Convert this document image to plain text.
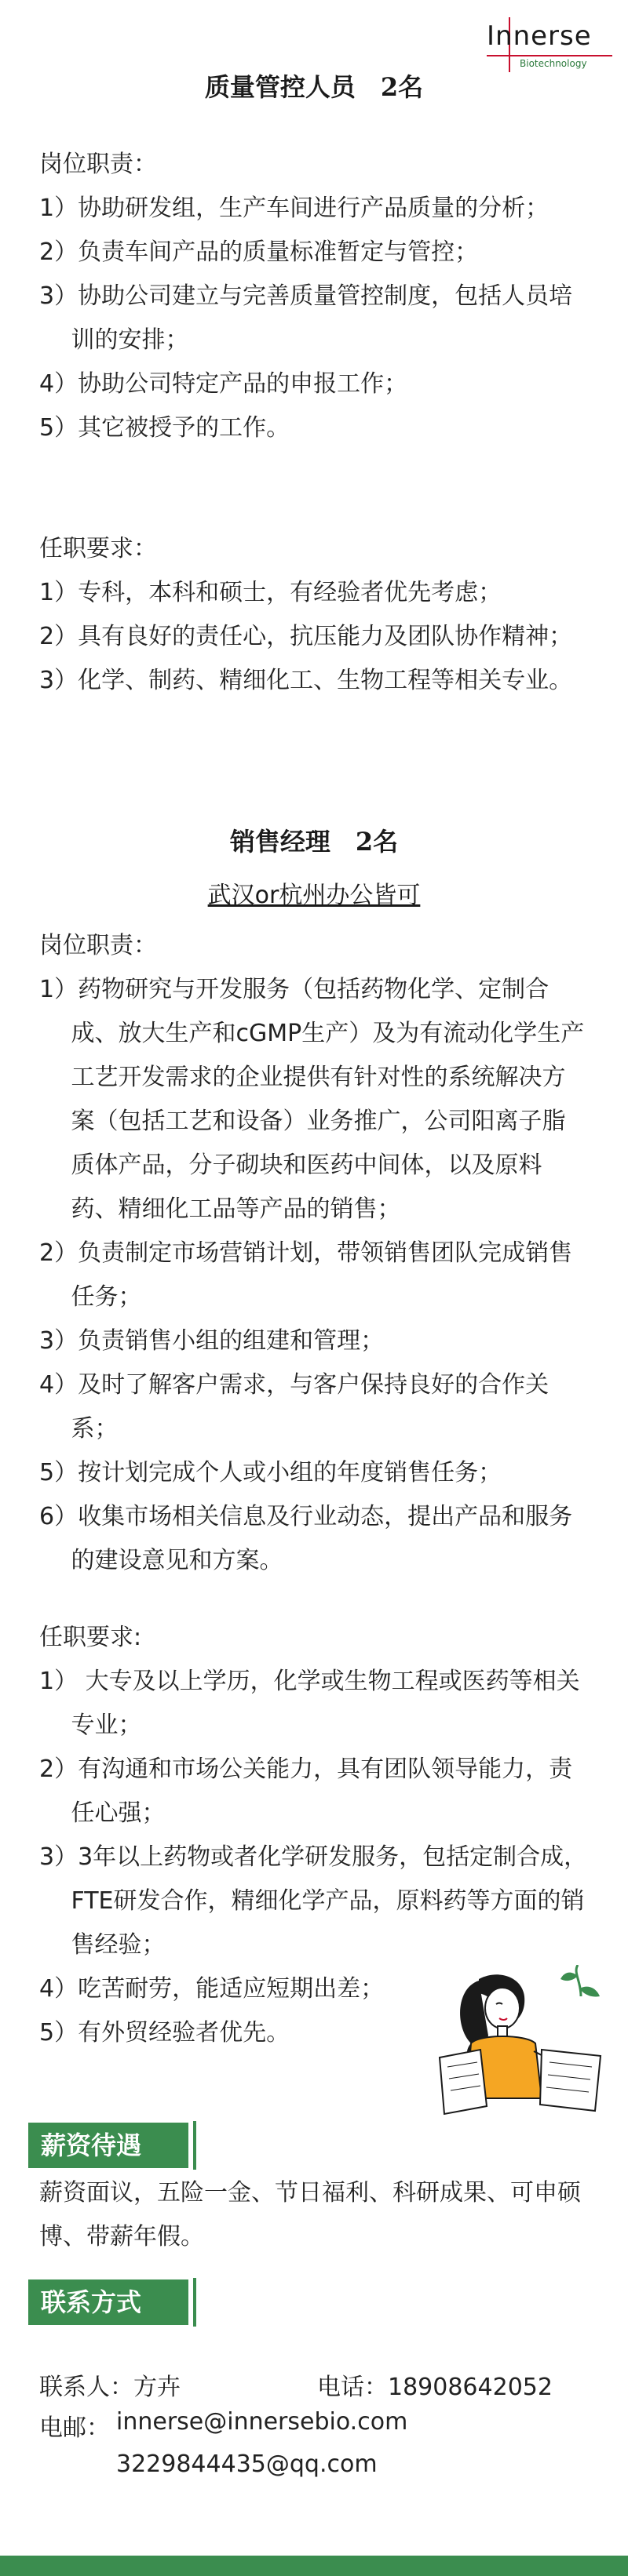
Innerse
Biotechnology
质量管控人员　2名

岗位职责：

1）协助研发组，生产车间进行产品质量的分析；

2）负责车间产品的质量标准暂定与管控；

3）协助公司建立与完善质量管控制度，包括人员培训的安排；

4）协助公司特定产品的申报工作；

5）其它被授予的工作。

任职要求：

1）专科，本科和硕士，有经验者优先考虑；

2）具有良好的责任心，抗压能力及团队协作精神；

3）化学、制药、精细化工、生物工程等相关专业。

销售经理　2名
武汉or杭州办公皆可

岗位职责：

1）药物研究与开发服务（包括药物化学、定制合成、放大生产和cGMP生产）及为有流动化学生产工艺开发需求的企业提供有针对性的系统解决方案（包括工艺和设备）业务推广，公司阳离子脂质体产品，分子砌块和医药中间体，以及原料药、精细化工品等产品的销售；

2）负责制定市场营销计划，带领销售团队完成销售任务；

3）负责销售小组的组建和管理；

4）及时了解客户需求，与客户保持良好的合作关系；

5）按计划完成个人或小组的年度销售任务；

6）收集市场相关信息及行业动态，提出产品和服务的建设意见和方案。

任职要求:

1） 大专及以上学历，化学或生物工程或医药等相关专业；

2）有沟通和市场公关能力，具有团队领导能力，责任心强；

3）3年以上药物或者化学研发服务，包括定制合成，FTE研发合作，精细化学产品，原料药等方面的销售经验；

4）吃苦耐劳，能适应短期出差；

5）有外贸经验者优先。

薪资待遇

薪资面议，五险一金、节日福利、科研成果、可申硕博、带薪年假。

联系方式
联系人：方卉	电话：18908642052
电邮： innerse@innersebio.com
3229844435@qq.com
